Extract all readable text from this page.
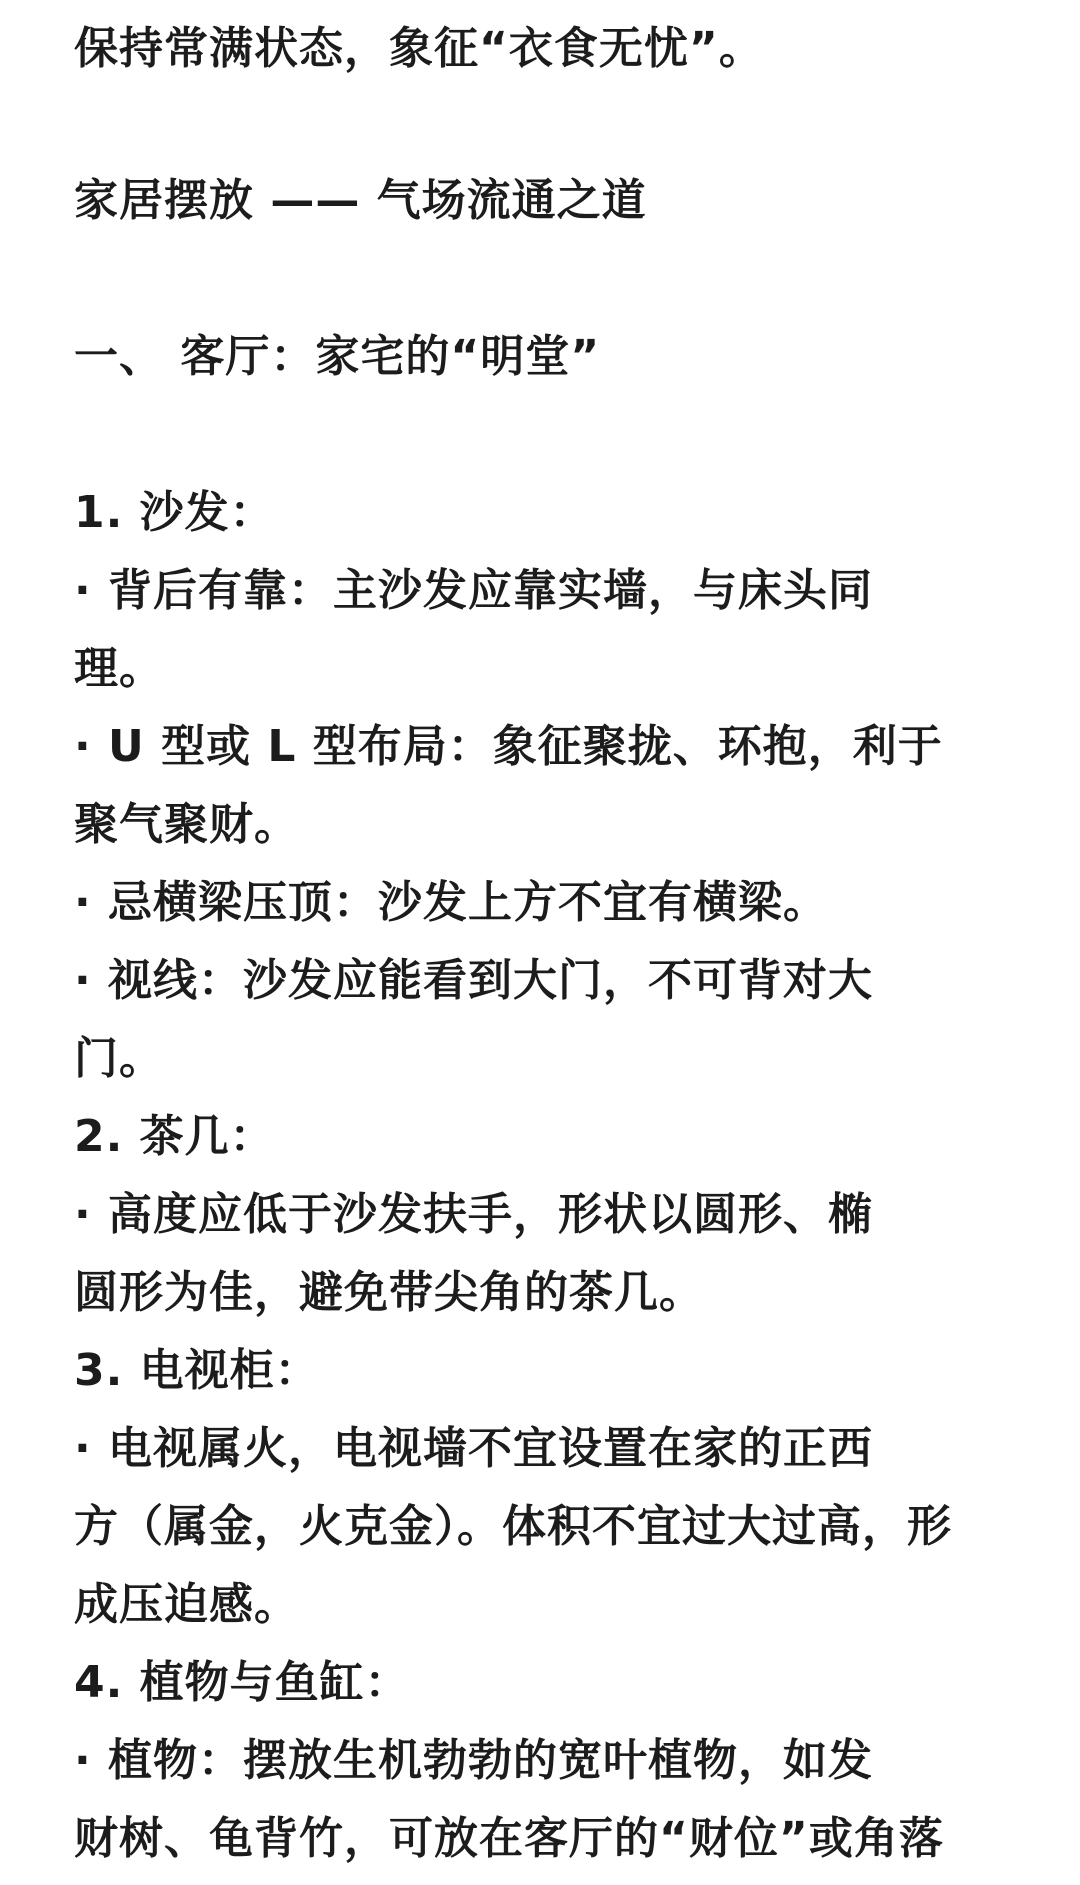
保持常满状态，象征“衣食无忧”。
家居摆放 —— 气场流通之道
一、 客厅：家宅的“明堂”
1. 沙发：
· 背后有靠：主沙发应靠实墙，与床头同
理。
· U 型或 L 型布局：象征聚拢、环抱，利于
聚气聚财。
· 忌横梁压顶：沙发上方不宜有横梁。
· 视线：沙发应能看到大门，不可背对大
门。
2. 茶几：
· 高度应低于沙发扶手，形状以圆形、椭
圆形为佳，避免带尖角的茶几。
3. 电视柜：
· 电视属火，电视墙不宜设置在家的正西
方（属金，火克金）。体积不宜过大过高，形
成压迫感。
4. 植物与鱼缸：
· 植物：摆放生机勃勃的宽叶植物，如发
财树、龟背竹，可放在客厅的“财位”或角落
